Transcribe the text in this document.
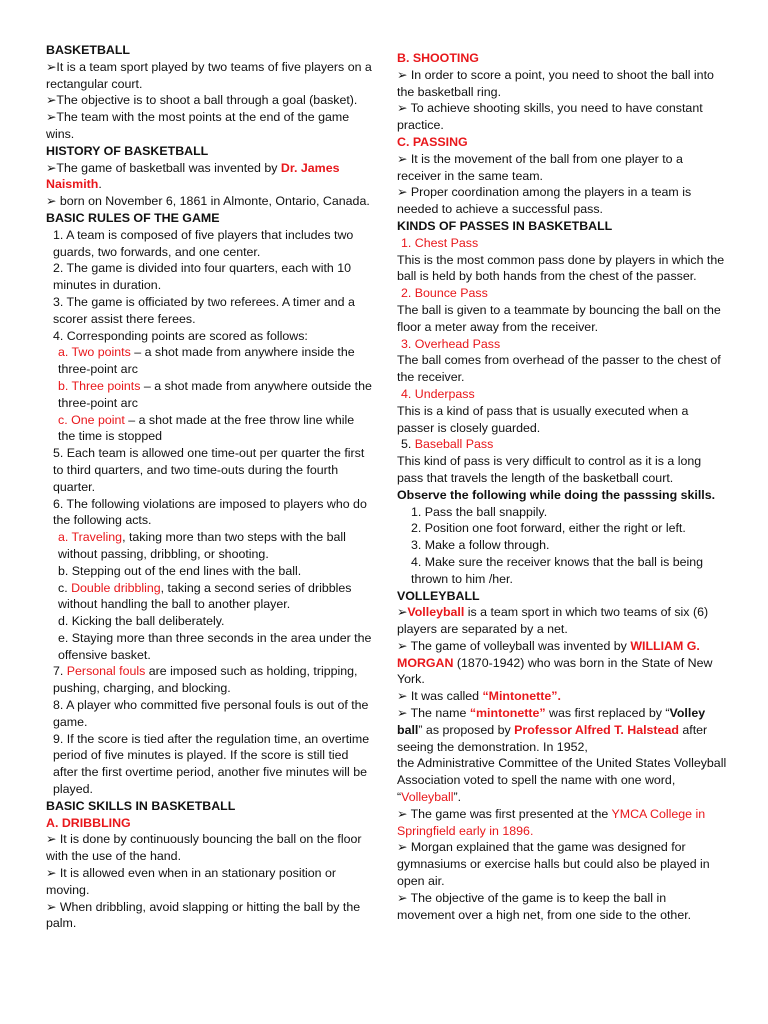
BASKETBALL

➢It is a team sport played by two teams of five players on a rectangular court.

➢The objective is to shoot a ball through a goal (basket).

➢The team with the most points at the end of the game wins.

HISTORY OF BASKETBALL

➢The game of basketball was invented by Dr. James Naismith.

➢ born on November 6, 1861 in Almonte, Ontario, Canada.

BASIC RULES OF THE GAME

1. A team is composed of five players that includes two guards, two forwards, and one center.

2. The game is divided into four quarters, each with 10 minutes in duration.

3. The game is officiated by two referees. A timer and a scorer assist there ferees.

4. Corresponding points are scored as follows:

a. Two points – a shot made from anywhere inside the three-point arc

b. Three points – a shot made from anywhere outside the three-point arc

c. One point – a shot made at the free throw line while the time is stopped

5. Each team is allowed one time-out per quarter the first to third quarters, and two time-outs during the fourth quarter.

6. The following violations are imposed to players who do the following acts.

a. Traveling, taking more than two steps with the ball without passing, dribbling, or shooting.

b. Stepping out of the end lines with the ball.

c. Double dribbling, taking a second series of dribbles without handling the ball to another player.

d. Kicking the ball deliberately.

e. Staying more than three seconds in the area under the offensive basket.

7. Personal fouls are imposed such as holding, tripping, pushing, charging, and blocking.

8. A player who committed five personal fouls is out of the game.

9. If the score is tied after the regulation time, an overtime period of five minutes is played. If the score is still tied after the first overtime period, another five minutes will be played.

BASIC SKILLS IN BASKETBALL

A. DRIBBLING

➢ It is done by continuously bouncing the ball on the floor with the use of the hand.

➢ It is allowed even when in an stationary position or moving.

➢ When dribbling, avoid slapping or hitting the ball by the palm.

B. SHOOTING

➢ In order to score a point, you need to shoot the ball into the basketball ring.

➢ To achieve shooting skills, you need to have constant practice.

C. PASSING

➢ It is the movement of the ball from one player to a receiver in the same team.

➢ Proper coordination among the players in a team is needed to achieve a successful pass.

KINDS OF PASSES IN BASKETBALL

1. Chest Pass

This is the most common pass done by players in which the ball is held by both hands from the chest of the passer.

2. Bounce Pass

The ball is given to a teammate by bouncing the ball on the floor a meter away from the receiver.

3. Overhead Pass

The ball comes from overhead of the passer to the chest of the receiver.

4. Underpass

This is a kind of pass that is usually executed when a passer is closely guarded.

5. Baseball Pass

This kind of pass is very difficult to control as it is a long pass that travels the length of the basketball court.

Observe the following while doing the passsing skills.

1. Pass the ball snappily.

2. Position one foot forward, either the right or left.

3. Make a follow through.

4. Make sure the receiver knows that the ball is being thrown to him /her.

VOLLEYBALL

➢Volleyball is a team sport in which two teams of six (6) players are separated by a net.

➢ The game of volleyball was invented by WILLIAM G. MORGAN (1870-1942) who was born in the State of New York.

➢ It was called “Mintonette”.

➢ The name “mintonette” was first replaced by “Volley ball” as proposed by Professor Alfred T. Halstead after seeing the demonstration. In 1952,

the Administrative Committee of the United States Volleyball Association voted to spell the name with one word, “Volleyball”.

➢ The game was first presented at the YMCA College in Springfield early in 1896.

➢ Morgan explained that the game was designed for gymnasiums or exercise halls but could also be played in open air.

➢ The objective of the game is to keep the ball in movement over a high net, from one side to the other.
